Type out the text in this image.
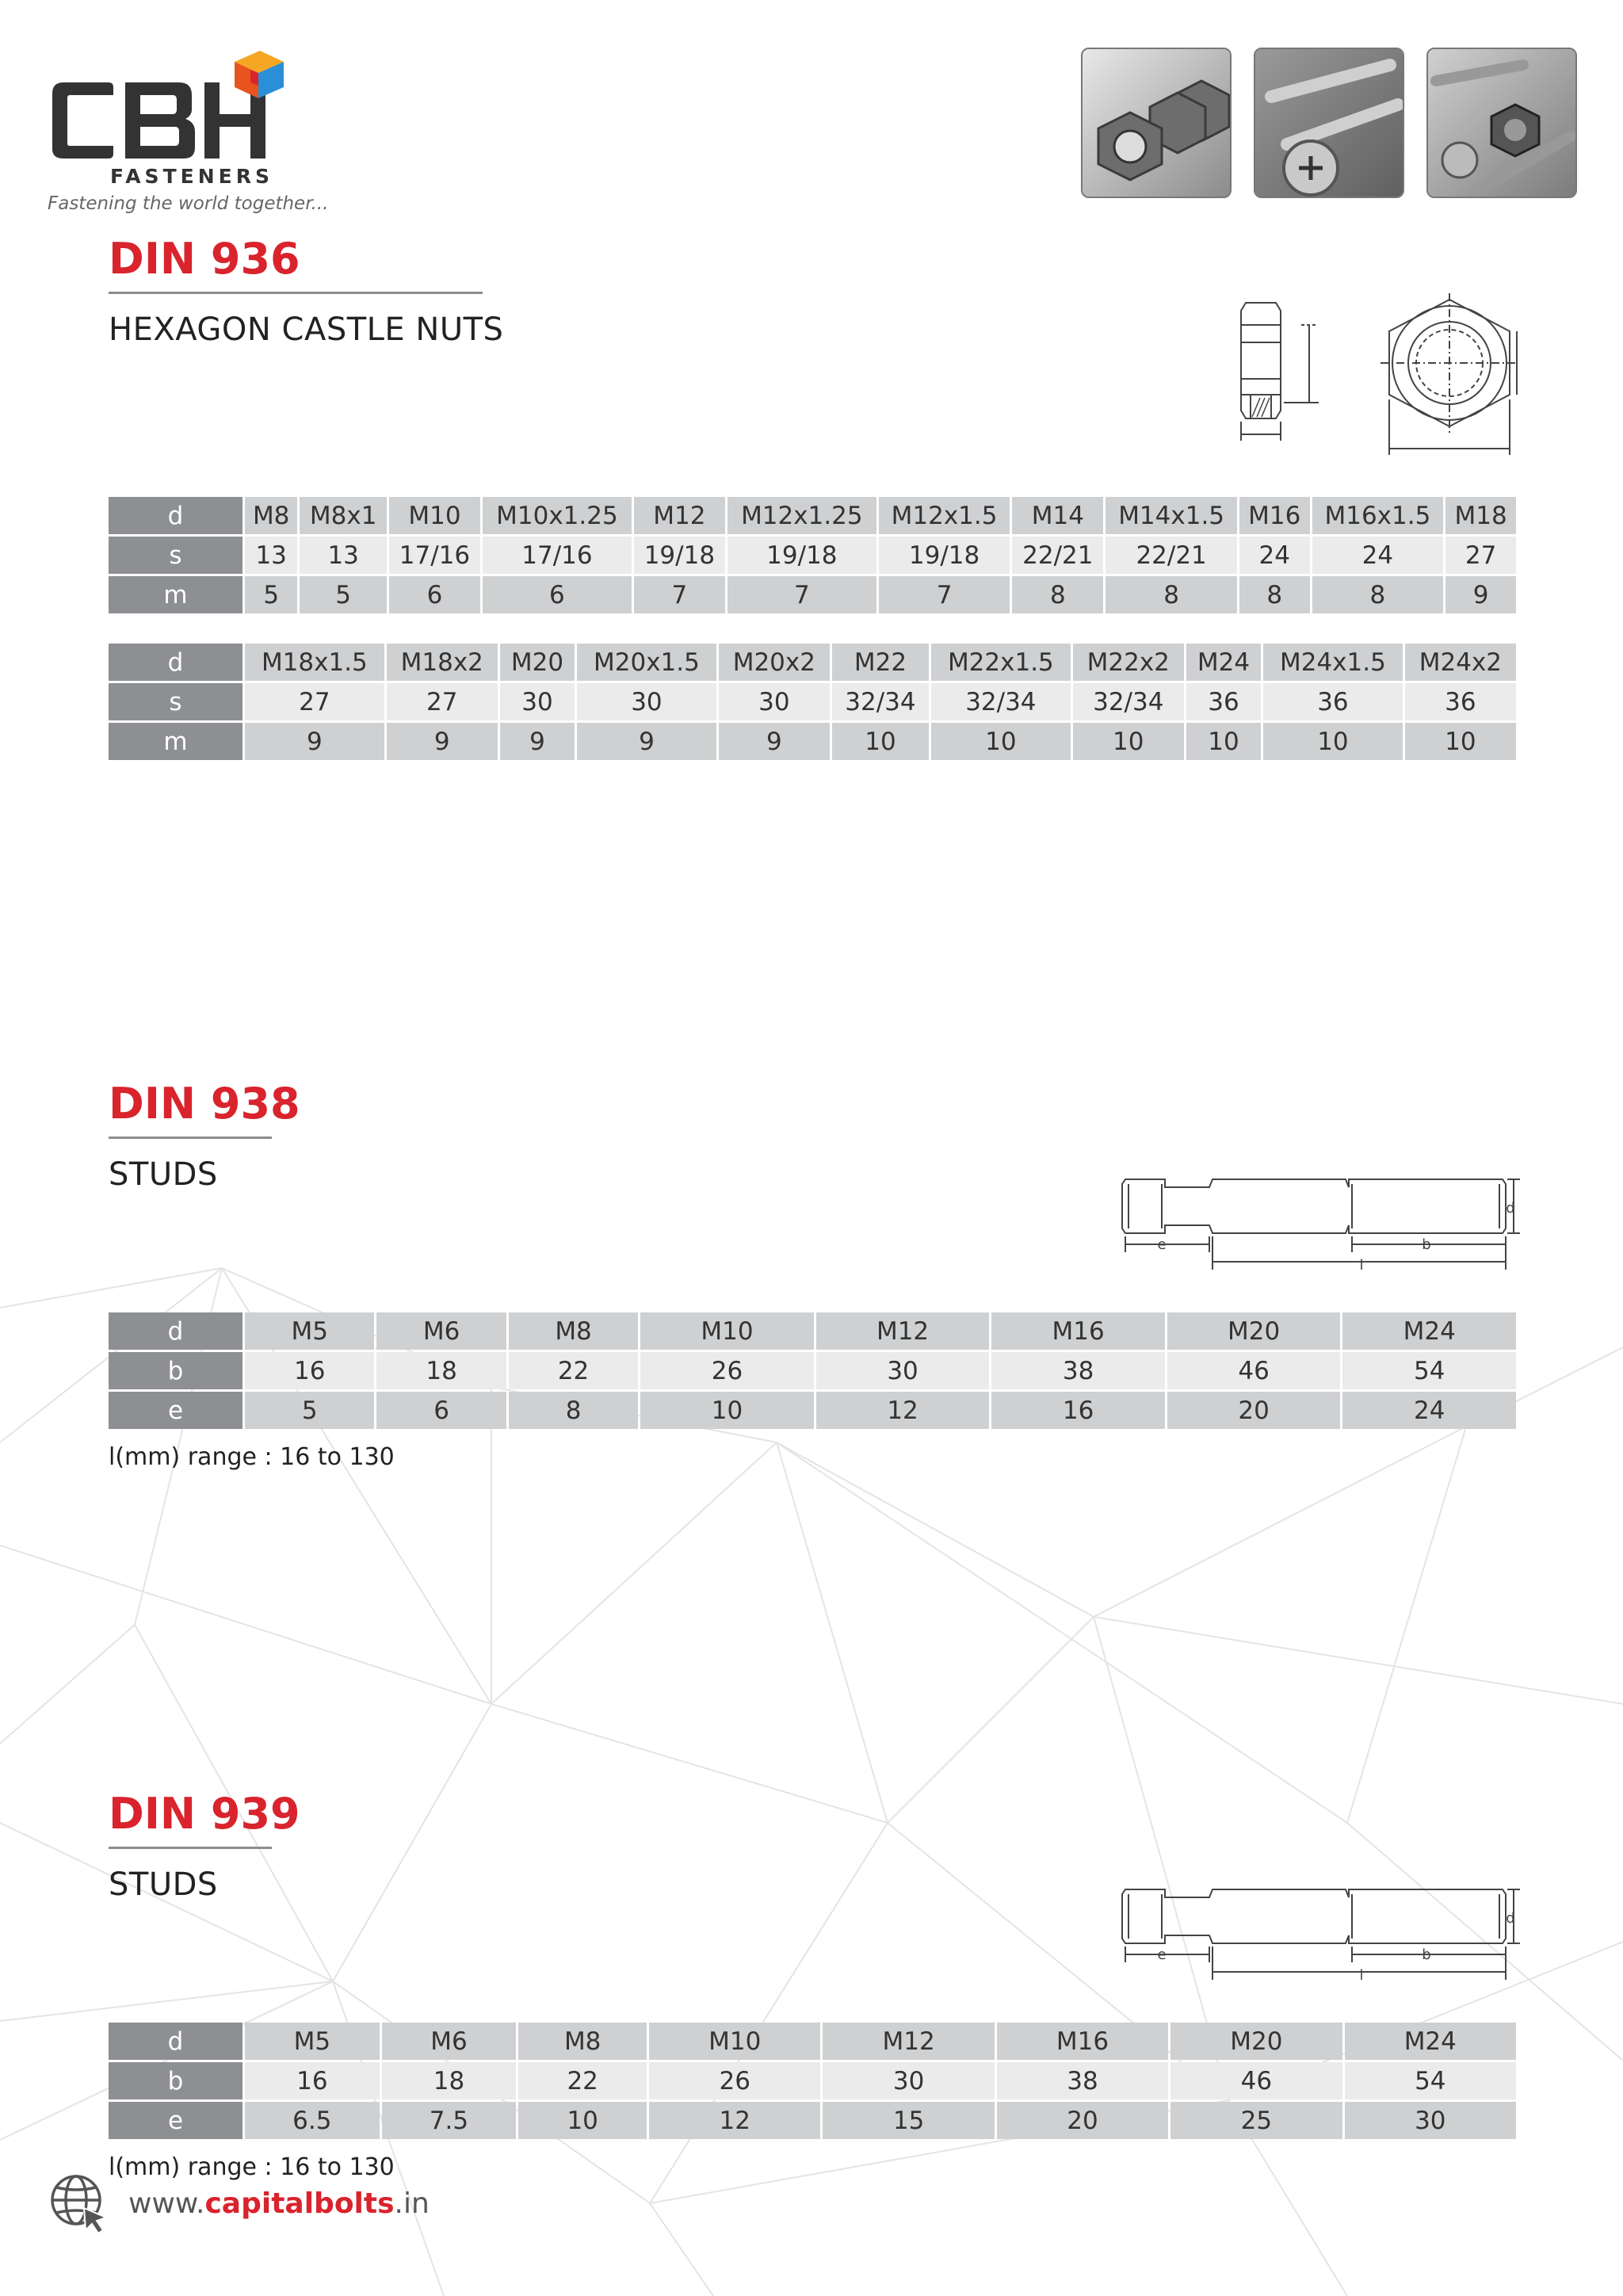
FASTENERS
Fastening the world together...
DIN 936
HEXAGON CASTLE NUTS
d	M8	M8x1	M10	M10x1.25	M12	M12x1.25	M12x1.5	M14	M14x1.5	M16	M16x1.5	M18
s	13	13	17/16	17/16	19/18	19/18	19/18	22/21	22/21	24	24	27
m	5	5	6	6	7	7	7	8	8	8	8	9
d	M18x1.5	M18x2	M20	M20x1.5	M20x2	M22	M22x1.5	M22x2	M24	M24x1.5	M24x2
s	27	27	30	30	30	32/34	32/34	32/34	36	36	36
m	9	9	9	9	9	10	10	10	10	10	10
DIN 938
STUDS
e	b
l
d
d	M5	M6	M8	M10	M12	M16	M20	M24
b	16	18	22	26	30	38	46	54
e	5	6	8	10	12	16	20	24
l(mm) range : 16 to 130
DIN 939
STUDS
e	b
l
d
d	M5	M6	M8	M10	M12	M16	M20	M24
b	16	18	22	26	30	38	46	54
e	6.5	7.5	10	12	15	20	25	30
l(mm) range : 16 to 130
www.capitalbolts.in
